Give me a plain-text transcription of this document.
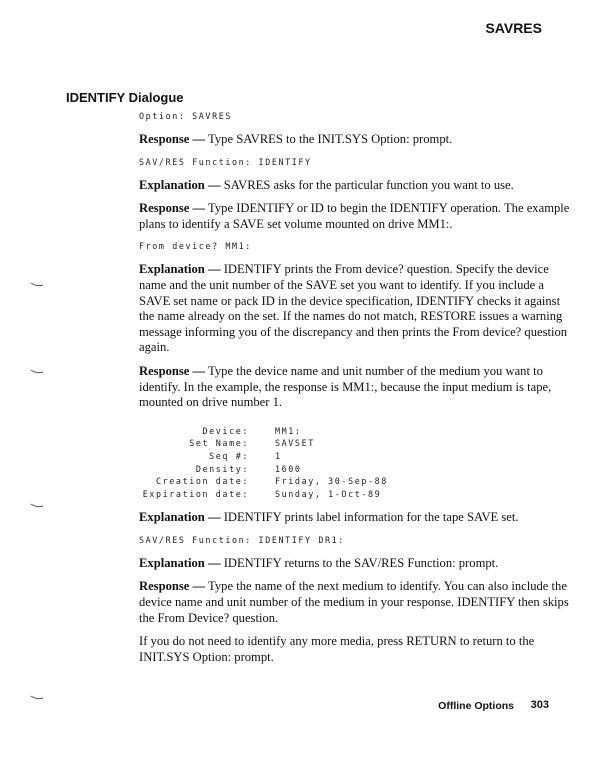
SAVRES
IDENTIFY Dialogue
Option: SAVRES
Response — Type SAVRES to the INIT.SYS Option: prompt.
SAV/RES Function: IDENTIFY
Explanation — SAVRES asks for the particular function you want to use.
Response — Type IDENTIFY or ID to begin the IDENTIFY operation. The example plans to identify a SAVE set volume mounted on drive MM1:.
From device? MM1:
Explanation — IDENTIFY prints the From device? question. Specify the device name and the unit number of the SAVE set you want to identify. If you include a SAVE set name or pack ID in the device specification, IDENTIFY checks it against the name already on the set. If the names do not match, RESTORE issues a warning message informing you of the discrepancy and then prints the From device? question again.
Response — Type the device name and unit number of the medium you want to identify. In the example, the response is MM1:, because the input medium is tape, mounted on drive number 1.
Device:	MM1:
Set Name:	SAVSET
Seq #:	1
Density:	1600
Creation date:	Friday, 30-Sep-88
Expiration date:	Sunday, 1-Oct-89
Explanation — IDENTIFY prints label information for the tape SAVE set.
SAV/RES Function: IDENTIFY DR1:
Explanation — IDENTIFY returns to the SAV/RES Function: prompt.
Response — Type the name of the next medium to identify. You can also include the device name and unit number of the medium in your response. IDENTIFY then skips the From Device? question.
If you do not need to identify any more media, press RETURN to return to the INIT.SYS Option: prompt.
Offline Options 303
